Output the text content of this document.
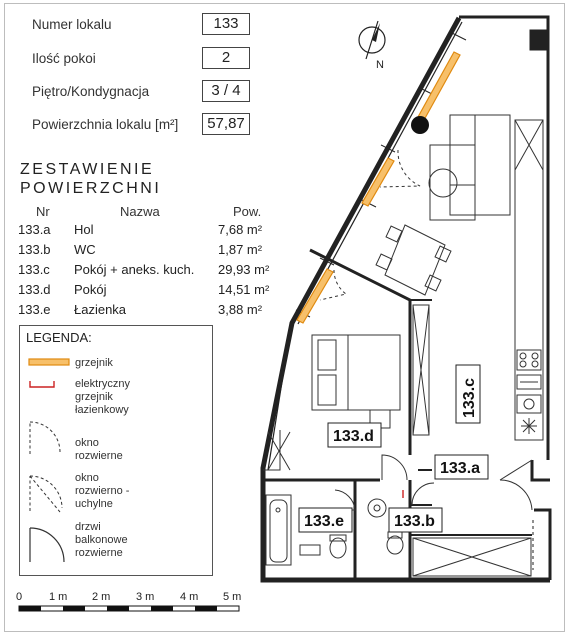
Numer lokalu	133
Ilość pokoi	2
Piętro/Kondygnacja	3 / 4
Powierzchnia lokalu [m²]	57,87
ZESTAWIENIE
POWIERZCHNI
Nr	Nazwa	Pow.
133.a Hol	7,68 m²
133.b WC	1,87 m²
133.c Pokój + aneks. kuch. 29,93 m²
133.d Pokój	14,51 m²
133.e Łazienka	3,88 m²
LEGENDA:
grzejnik
elektryczny
grzejnik
łazienkowy
okno
rozwierne
okno
rozwierno -
uchylne
drzwi
balkonowe
rozwierne
0 1 m 2 m 3 m 4 m 5 m
N
133.d
133.c
133.a
133.e	133.b
